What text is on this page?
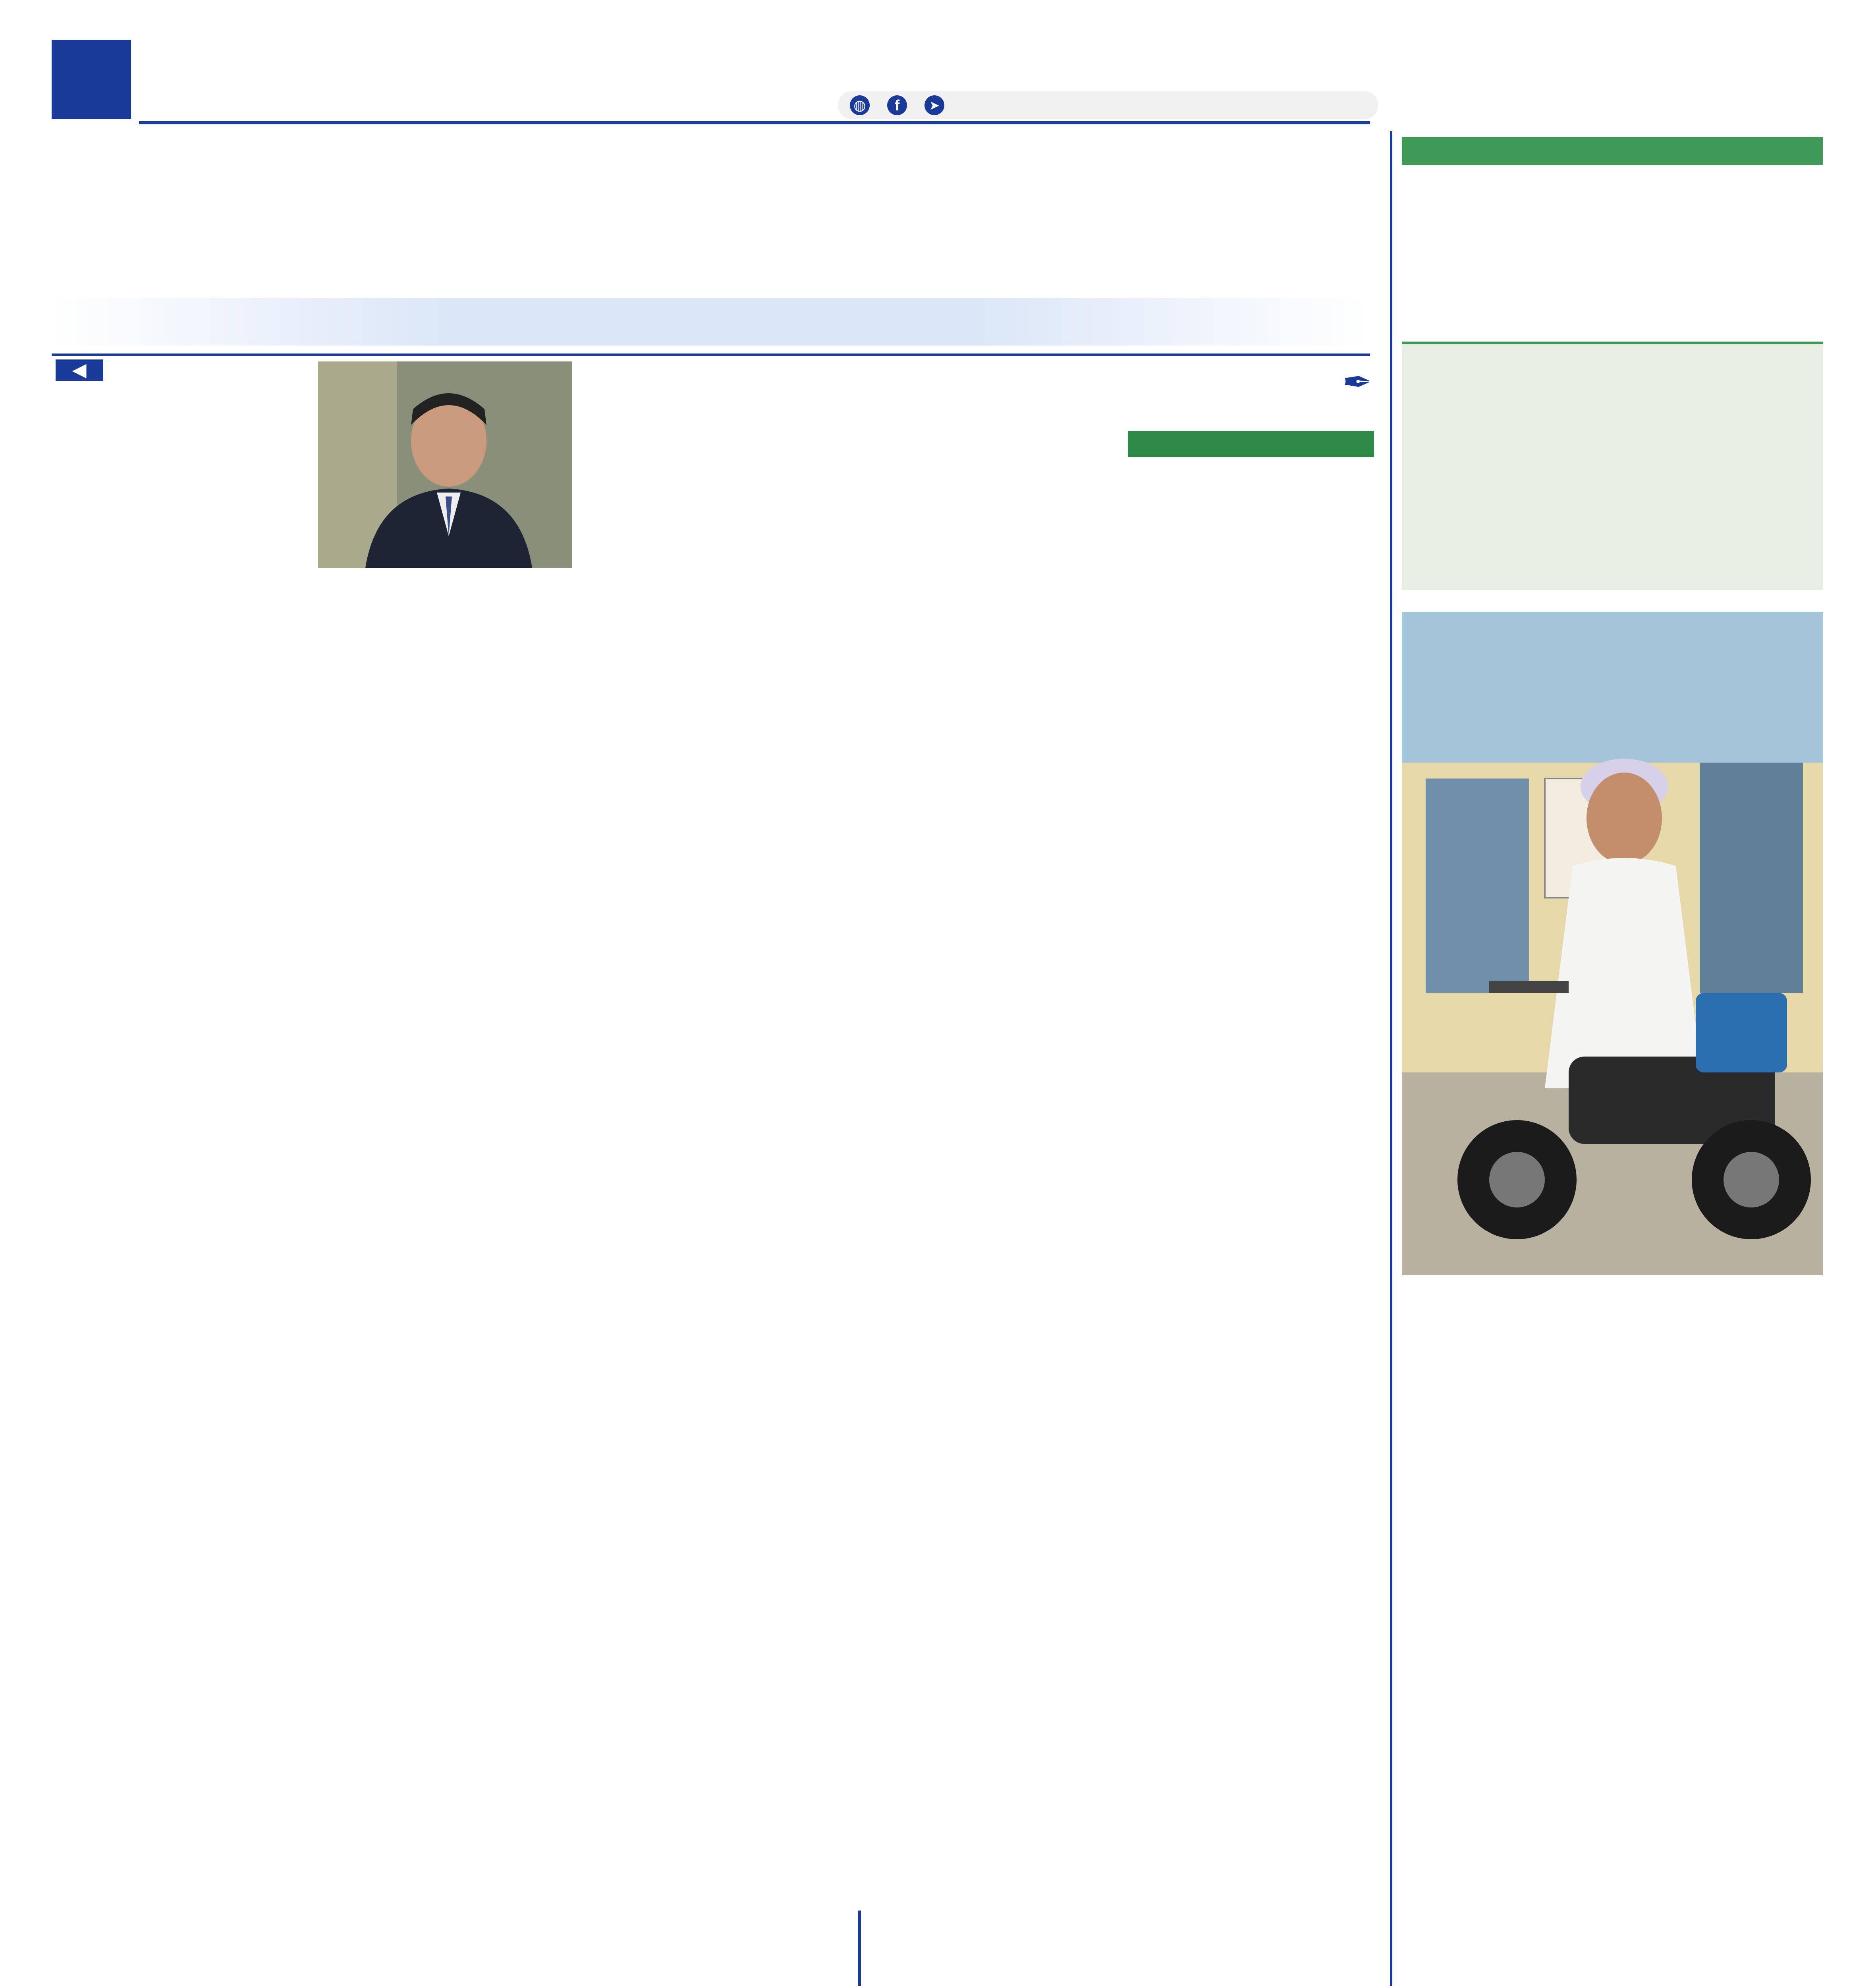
◍	f	➤
◀	✒
